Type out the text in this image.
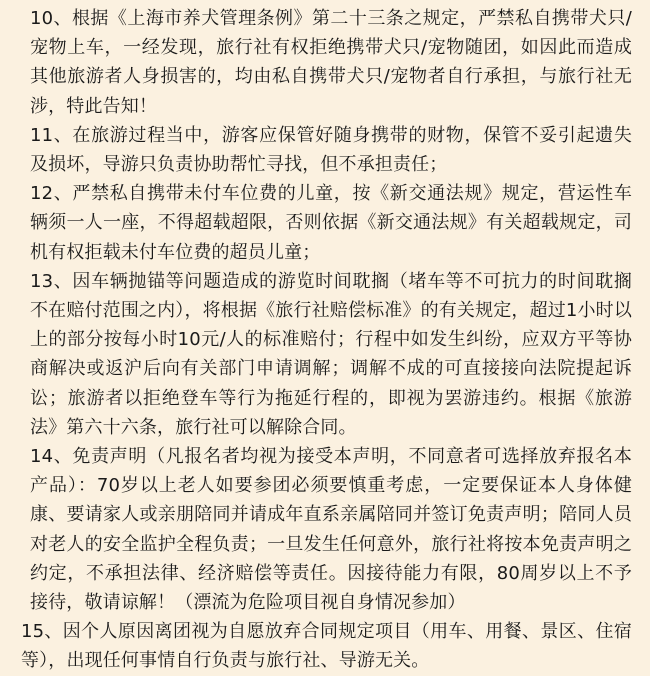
10、根据《上海市养犬管理条例》第二十三条之规定，严禁私自携带犬只/宠物上车，一经发现，旅行社有权拒绝携带犬只/宠物随团，如因此而造成其他旅游者人身损害的，均由私自携带犬只/宠物者自行承担，与旅行社无涉，特此告知！

11、在旅游过程当中，游客应保管好随身携带的财物，保管不妥引起遗失及损坏，导游只负责协助帮忙寻找，但不承担责任；

12、严禁私自携带未付车位费的儿童，按《新交通法规》规定，营运性车辆须一人一座，不得超载超限，否则依据《新交通法规》有关超载规定，司机有权拒载未付车位费的超员儿童；

13、因车辆抛锚等问题造成的游览时间耽搁（堵车等不可抗力的时间耽搁不在赔付范围之内），将根据《旅行社赔偿标准》的有关规定，超过1小时以上的部分按每小时10元/人的标准赔付；行程中如发生纠纷，应双方平等协商解决或返沪后向有关部门申请调解；调解不成的可直接接向法院提起诉讼；旅游者以拒绝登车等行为拖延行程的，即视为罢游违约。根据《旅游法》第六十六条，旅行社可以解除合同。

14、免责声明（凡报名者均视为接受本声明，不同意者可选择放弃报名本产品）：70岁以上老人如要参团必须要慎重考虑，一定要保证本人身体健康、要请家人或亲朋陪同并请成年直系亲属陪同并签订免责声明；陪同人员对老人的安全监护全程负责；一旦发生任何意外，旅行社将按本免责声明之约定，不承担法律、经济赔偿等责任。因接待能力有限，80周岁以上不予接待，敬请谅解！（漂流为危险项目视自身情况参加）

15、因个人原因离团视为自愿放弃合同规定项目（用车、用餐、景区、住宿等），出现任何事情自行负责与旅行社、导游无关。
